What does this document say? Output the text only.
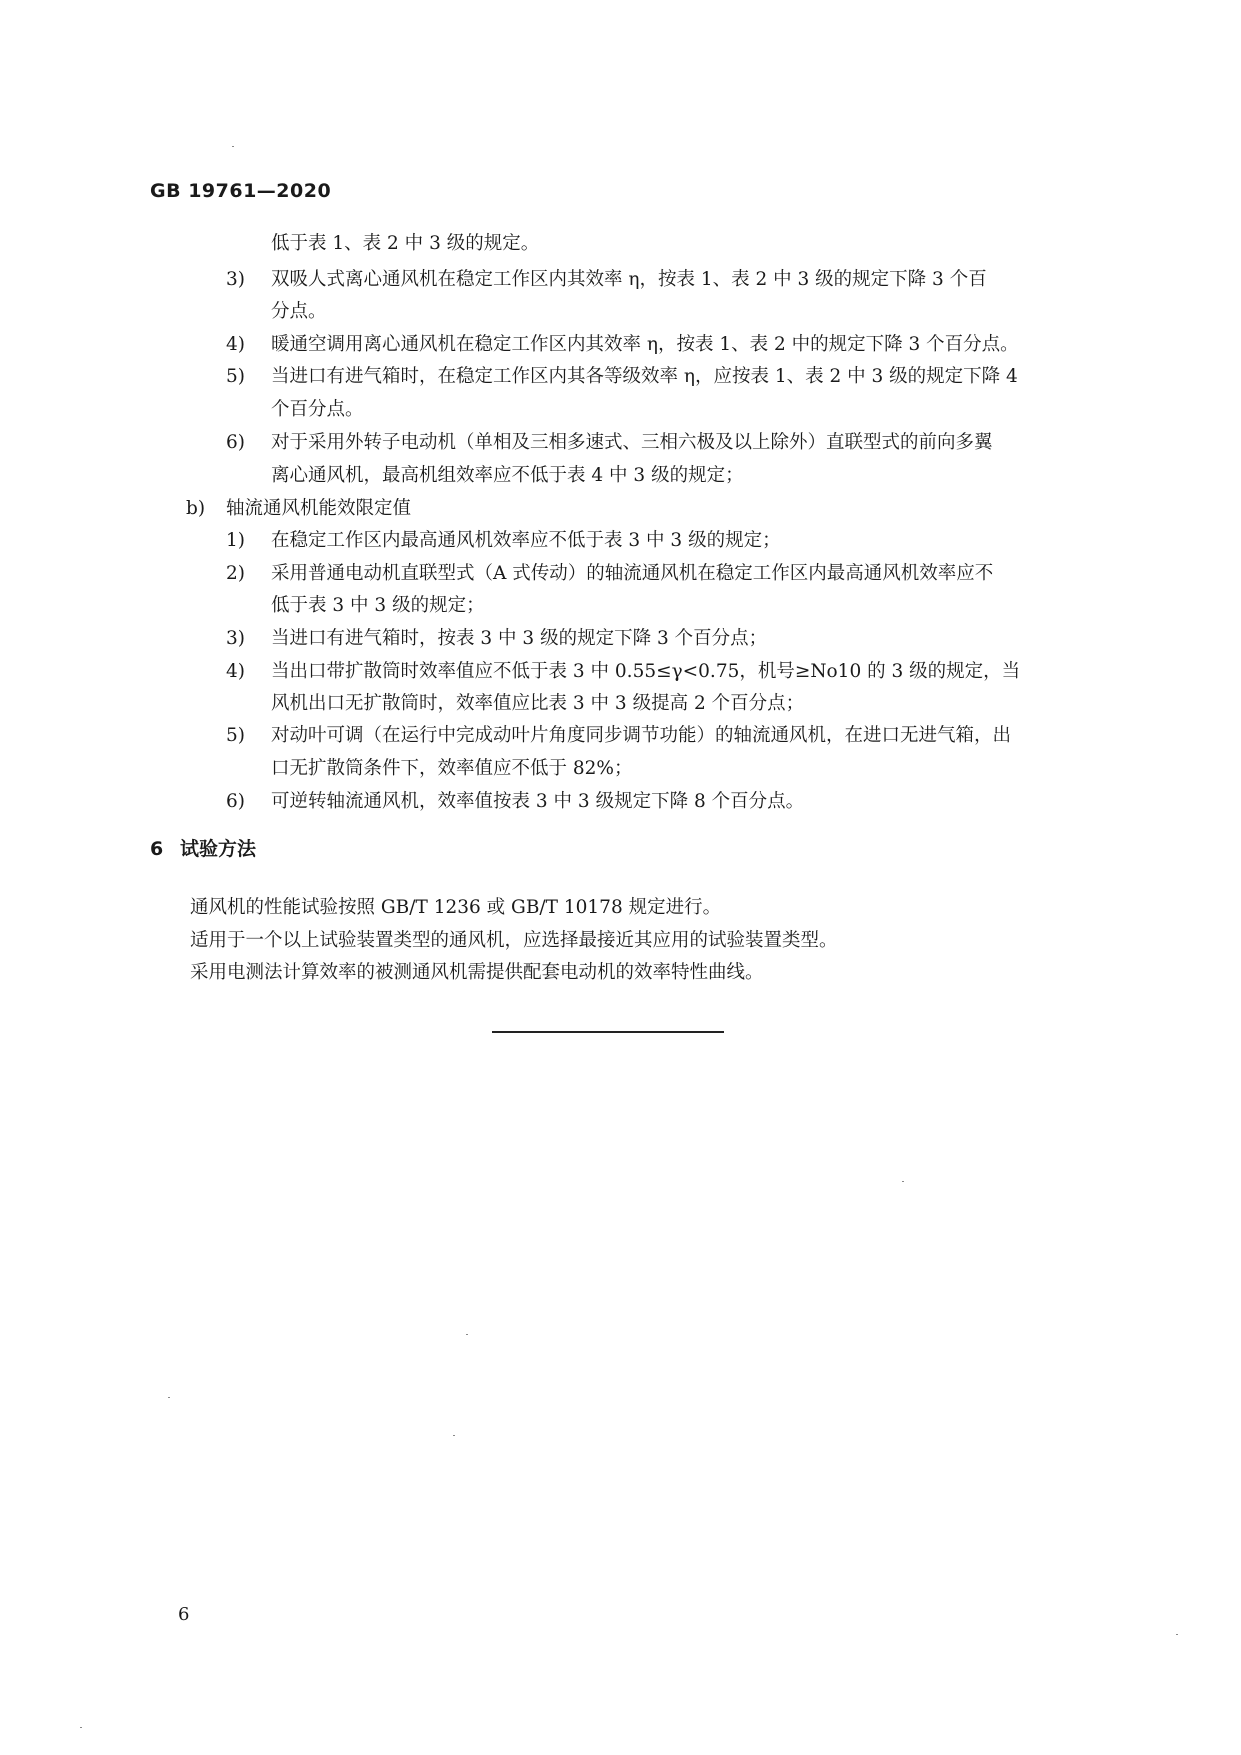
GB 19761—2020
低于表 1、表 2 中 3 级的规定。
3) 双吸人式离心通风机在稳定工作区内其效率 η，按表 1、表 2 中 3 级的规定下降 3 个百
分点。
4) 暖通空调用离心通风机在稳定工作区内其效率 η，按表 1、表 2 中的规定下降 3 个百分点。
5) 当进口有进气箱时，在稳定工作区内其各等级效率 η，应按表 1、表 2 中 3 级的规定下降 4
个百分点。
6) 对于采用外转子电动机（单相及三相多速式、三相六极及以上除外）直联型式的前向多翼
离心通风机，最高机组效率应不低于表 4 中 3 级的规定；
b) 轴流通风机能效限定值
1) 在稳定工作区内最高通风机效率应不低于表 3 中 3 级的规定；
2) 采用普通电动机直联型式（A 式传动）的轴流通风机在稳定工作区内最高通风机效率应不
低于表 3 中 3 级的规定；
3) 当进口有进气箱时，按表 3 中 3 级的规定下降 3 个百分点；
4) 当出口带扩散筒时效率值应不低于表 3 中 0.55≤γ<0.75，机号≥No10 的 3 级的规定，当
风机出口无扩散筒时，效率值应比表 3 中 3 级提高 2 个百分点；
5) 对动叶可调（在运行中完成动叶片角度同步调节功能）的轴流通风机，在进口无进气箱，出
口无扩散筒条件下，效率值应不低于 82%；
6) 可逆转轴流通风机，效率值按表 3 中 3 级规定下降 8 个百分点。
6 试验方法
通风机的性能试验按照 GB/T 1236 或 GB/T 10178 规定进行。
适用于一个以上试验装置类型的通风机，应选择最接近其应用的试验装置类型。
采用电测法计算效率的被测通风机需提供配套电动机的效率特性曲线。
6
